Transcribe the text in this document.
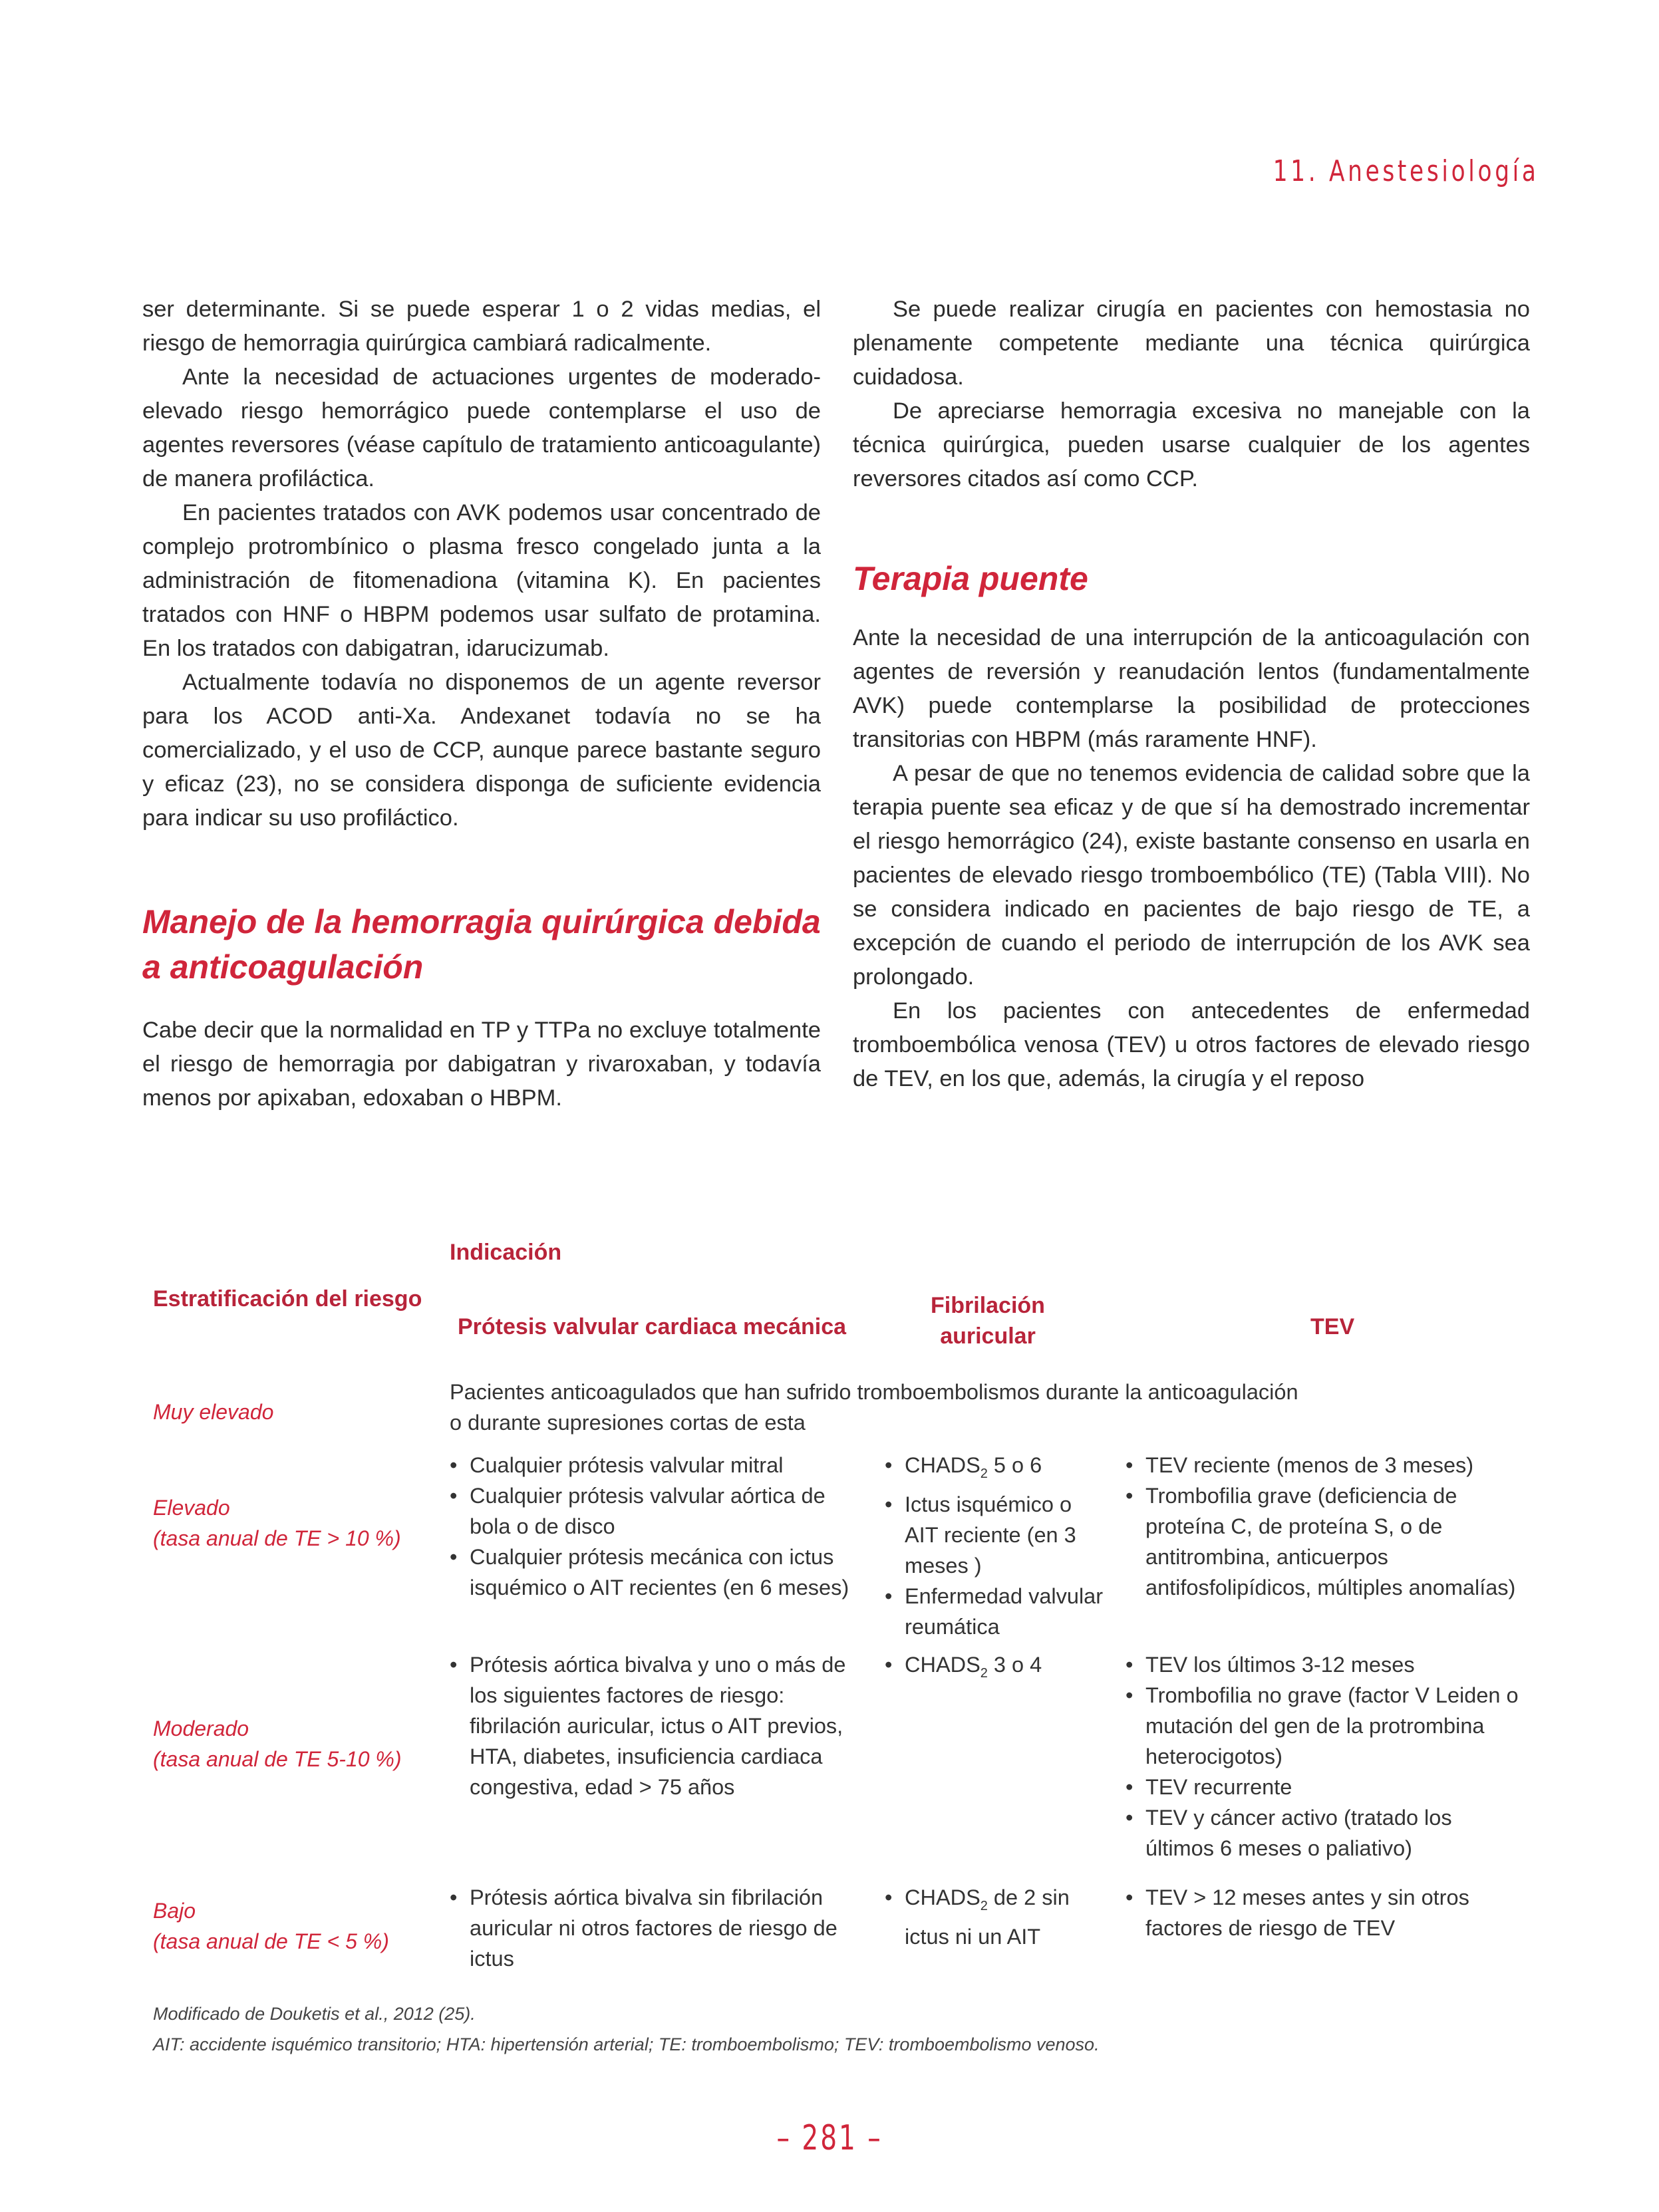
11. Anestesiología

ser determinante. Si se puede esperar 1 o 2 vidas medias, el riesgo de hemorragia quirúrgica cambiará radicalmente.

Ante la necesidad de actuaciones urgentes de moderado-elevado riesgo hemorrágico puede contemplarse el uso de agentes reversores (véase capítulo de tratamiento anticoagulante) de manera profiláctica.

En pacientes tratados con AVK podemos usar concentrado de complejo protrombínico o plasma fresco congelado junta a la administración de fitomenadiona (vitamina K). En pacientes tratados con HNF o HBPM podemos usar sulfato de protamina. En los tratados con dabigatran, idarucizumab.

Actualmente todavía no disponemos de un agente reversor para los ACOD anti-Xa. Andexanet todavía no se ha comercializado, y el uso de CCP, aunque parece bastante seguro y eficaz (23), no se considera disponga de suficiente evidencia para indicar su uso profiláctico.

Manejo de la hemorragia quirúrgica debida a anticoagulación

Cabe decir que la normalidad en TP y TTPa no excluye totalmente el riesgo de hemorragia por dabigatran y rivaroxaban, y todavía menos por apixaban, edoxaban o HBPM.

Se puede realizar cirugía en pacientes con hemostasia no plenamente competente mediante una técnica quirúrgica cuidadosa.

De apreciarse hemorragia excesiva no manejable con la técnica quirúrgica, pueden usarse cualquier de los agentes reversores citados así como CCP.

Terapia puente

Ante la necesidad de una interrupción de la anticoagulación con agentes de reversión y reanudación lentos (fundamentalmente AVK) puede contemplarse la posibilidad de protecciones transitorias con HBPM (más raramente HNF).

A pesar de que no tenemos evidencia de calidad sobre que la terapia puente sea eficaz y de que sí ha demostrado incrementar el riesgo hemorrágico (24), existe bastante consenso en usarla en pacientes de elevado riesgo tromboembólico (TE) (Tabla VIII). No se considera indicado en pacientes de bajo riesgo de TE, a excepción de cuando el periodo de interrupción de los AVK sea prolongado.

En los pacientes con antecedentes de enfermedad tromboembólica venosa (TEV) u otros factores de elevado riesgo de TEV, en los que, además, la cirugía y el reposo

Estratificación del riesgo
Indicación
Prótesis valvular cardiaca mecánica
Fibrilación
auricular	TEV
Muy elevado
Pacientes anticoagulados que han sufrido tromboembolismos durante la anticoagulación
o durante supresiones cortas de esta
Elevado
(tasa anual de TE > 10 %)
• Cualquier prótesis valvular mitral
• Cualquier prótesis valvular aórtica de bola o de disco
• Cualquier prótesis mecánica con ictus isquémico o AIT recientes (en 6 meses)
• $CHADS_2$ 5 o 6
• Ictus isquémico o AIT reciente (en 3 meses )
• Enfermedad valvular reumática
• TEV reciente (menos de 3 meses)
• Trombofilia grave (deficiencia de proteína C, de proteína S, o de antitrombina, anticuerpos antifosfolipídicos, múltiples anomalías)
Moderado
(tasa anual de TE 5-10 %)
• Prótesis aórtica bivalva y uno o más de los siguientes factores de riesgo: fibrilación auricular, ictus o AIT previos, HTA, diabetes, insuficiencia cardiaca congestiva, edad > 75 años
• $CHADS_2$ 3 o 4
•	TEV los últimos 3-12 meses
• Trombofilia no grave (factor V Leiden o mutación del gen de la protrombina heterocigotos)
• TEV recurrente
• TEV y cáncer activo (tratado los últimos 6 meses o paliativo)
Bajo
(tasa anual de TE < 5 %)
• Prótesis aórtica bivalva sin fibrilación auricular ni otros factores de riesgo de ictus
• $CHADS_2$ de 2 sin ictus ni un AIT
• TEV > 12 meses antes y sin otros factores de riesgo de TEV
Modificado de Douketis et al., 2012 (25).
AIT: accidente isquémico transitorio; HTA: hipertensión arterial; TE: tromboembolismo; TEV: tromboembolismo venoso.
– 281 –
